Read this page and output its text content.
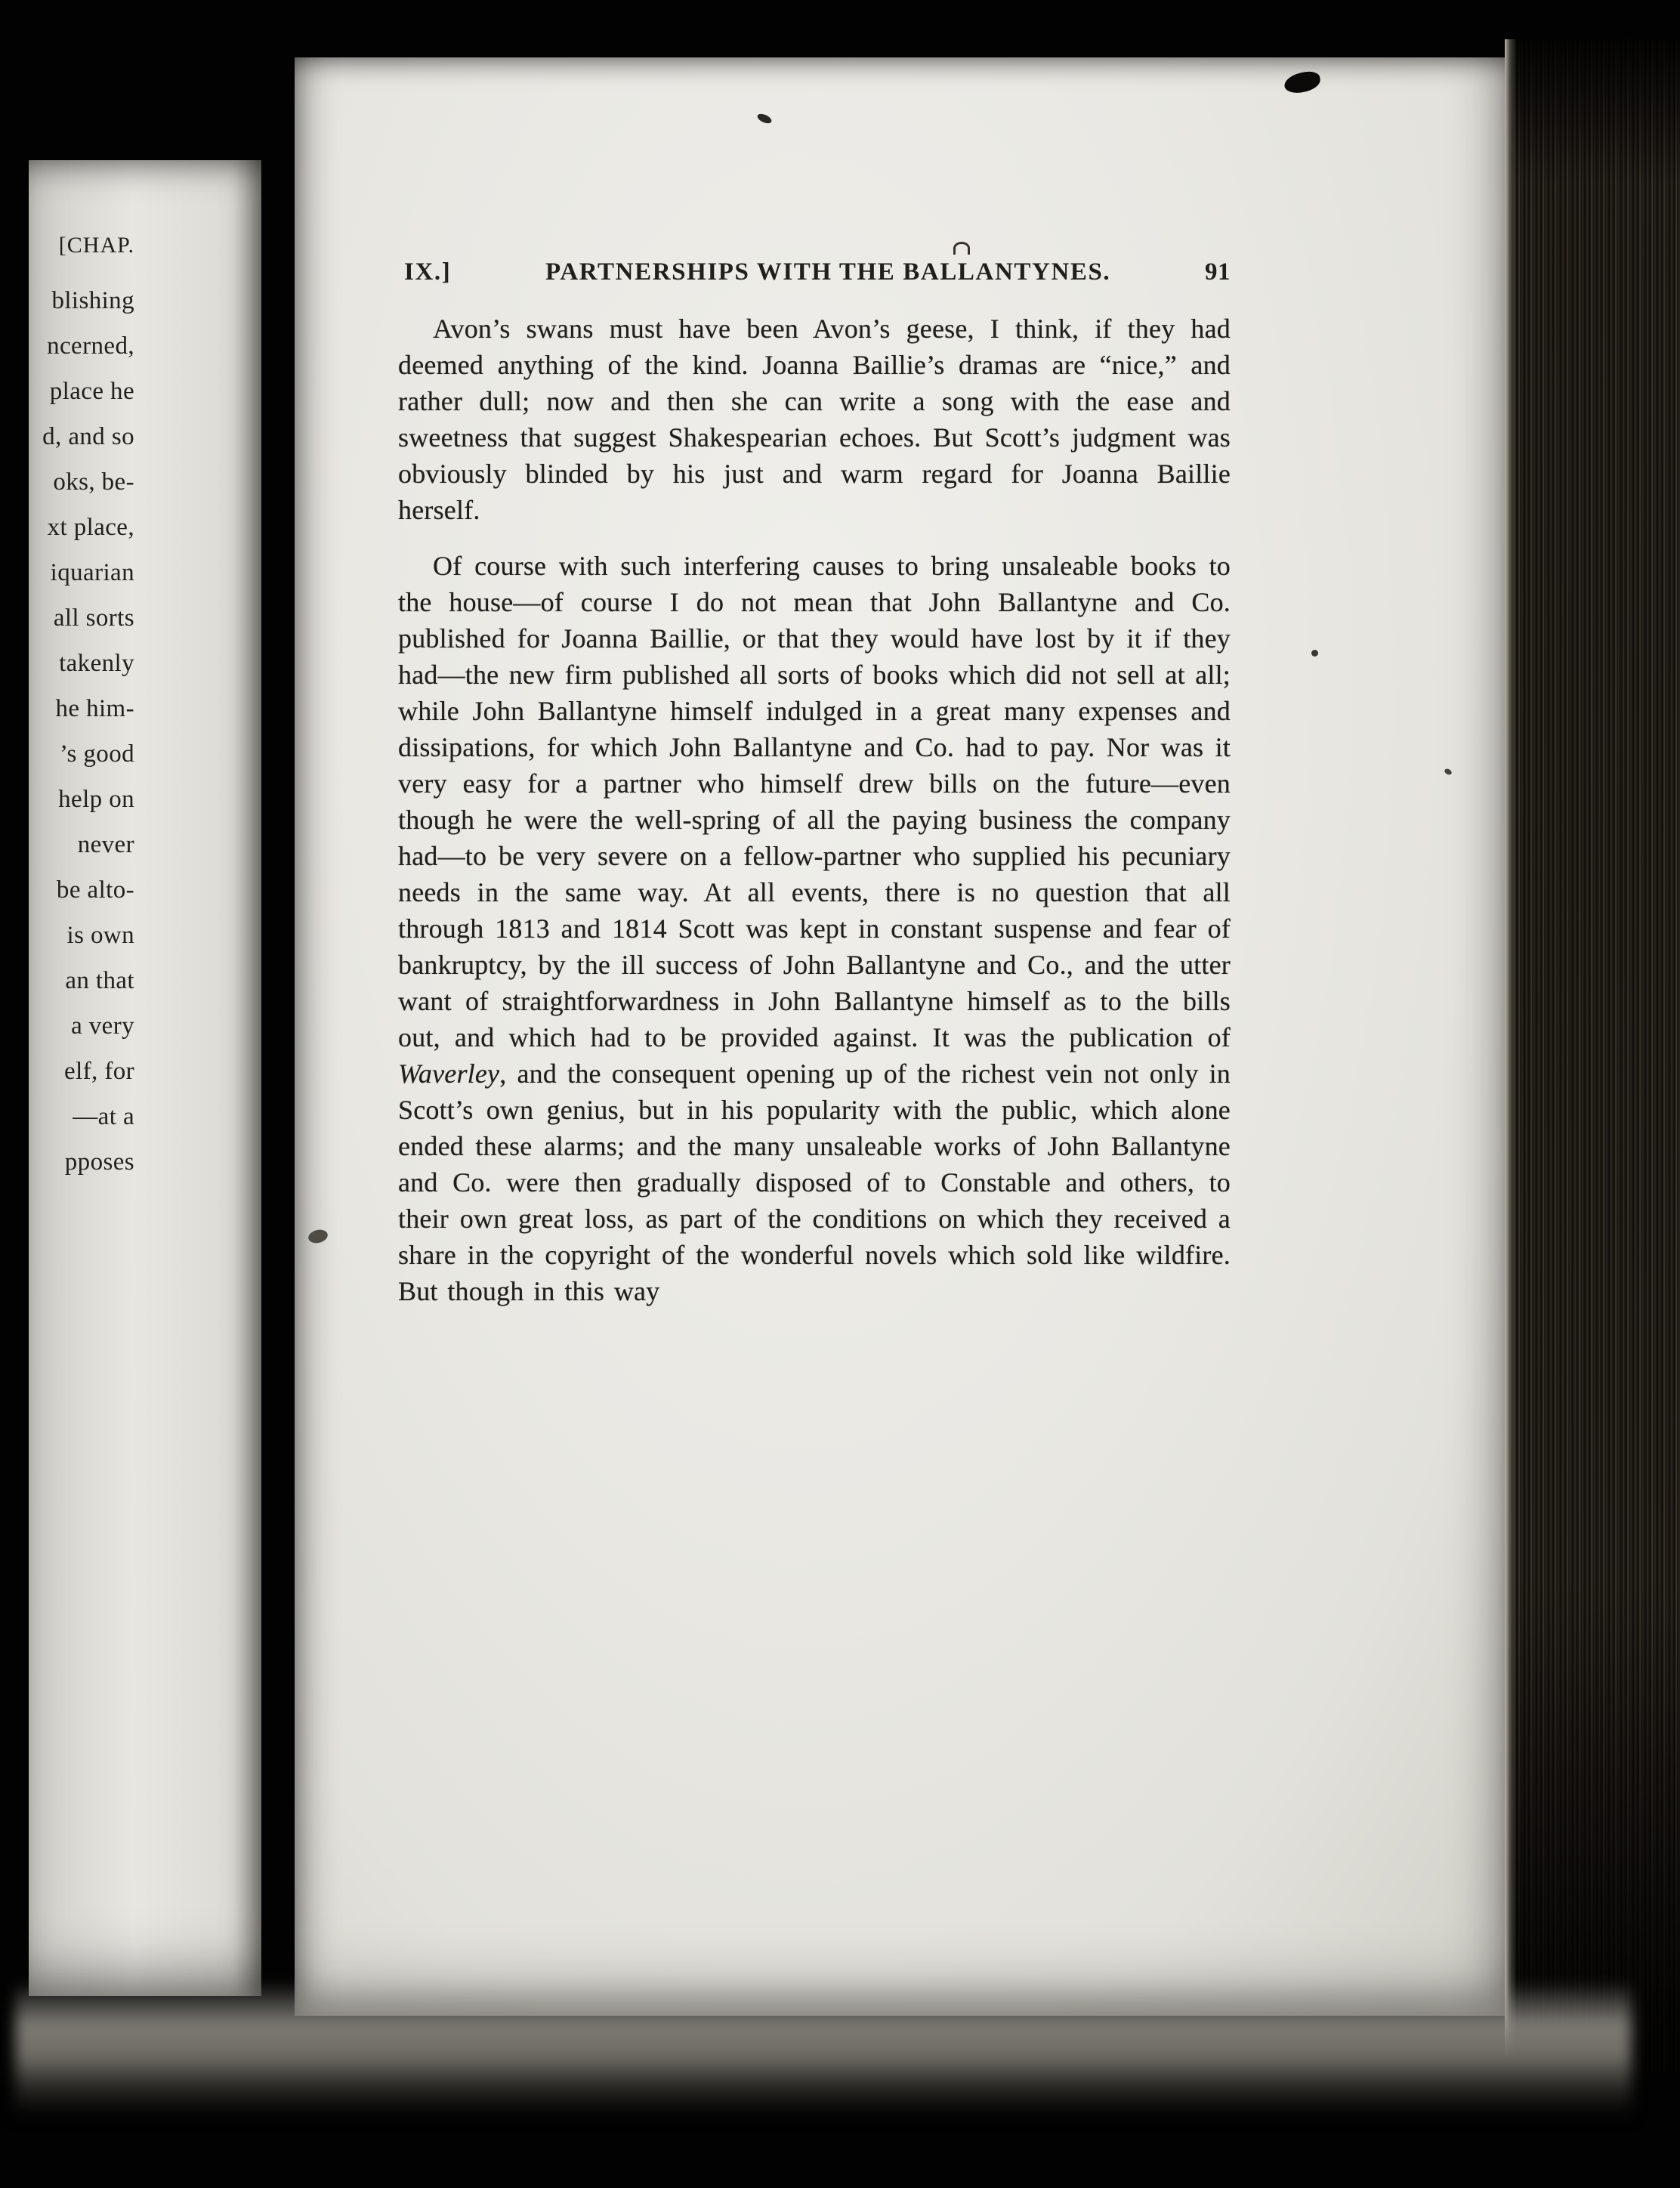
[CHAP.
blishing
ncerned,
place he
d, and so
oks, be-
xt place,
iquarian
all sorts
takenly
he him-
’s good
help on
never
be alto-
is own
an that
a very
elf, for
—at a
pposes
IX.]	PARTNERSHIPS WITH THE BALLANTYNES.	91

Avon’s swans must have been Avon’s geese, I think, if they had deemed anything of the kind. Joanna Baillie’s dramas are “nice,” and rather dull; now and then she can write a song with the ease and sweetness that suggest Shakespearian echoes. But Scott’s judgment was obviously blinded by his just and warm regard for Joanna Baillie herself.

Of course with such interfering causes to bring unsaleable books to the house—of course I do not mean that John Ballantyne and Co. published for Joanna Baillie, or that they would have lost by it if they had—the new firm published all sorts of books which did not sell at all; while John Ballantyne himself indulged in a great many expenses and dissipations, for which John Ballantyne and Co. had to pay. Nor was it very easy for a partner who himself drew bills on the future—even though he were the well-spring of all the paying business the company had—to be very severe on a fellow-partner who supplied his pecuniary needs in the same way. At all events, there is no question that all through 1813 and 1814 Scott was kept in constant suspense and fear of bankruptcy, by the ill success of John Ballantyne and Co., and the utter want of straightforwardness in John Ballantyne himself as to the bills out, and which had to be provided against. It was the publication of Waverley, and the consequent opening up of the richest vein not only in Scott’s own genius, but in his popularity with the public, which alone ended these alarms; and the many unsaleable works of John Ballantyne and Co. were then gradually disposed of to Constable and others, to their own great loss, as part of the conditions on which they received a share in the copyright of the wonderful novels which sold like wildfire. But though in this way
